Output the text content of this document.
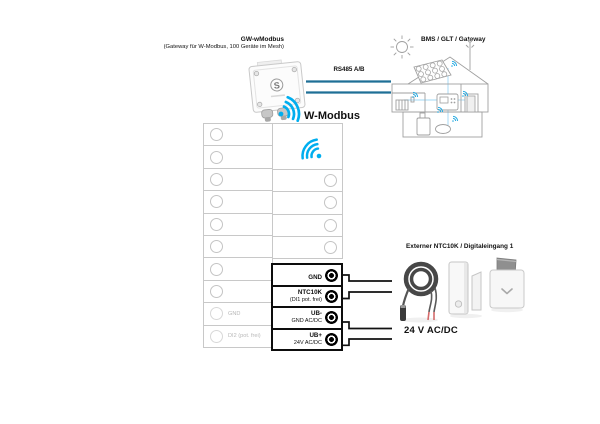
GW-wModbus
(Gateway für W-Modbus, 100 Geräte im Mesh)
S
RS485 A/B
W-Modbus
GND
DI2 (pot. frei)
GND
NTC10K
(DI1 pot. frei)
UB-
GND AC/DC
UB+
24V AC/DC
BMS / GLT / Gateway
Externer NTC10K / Digitaleingang 1
24 V AC/DC
